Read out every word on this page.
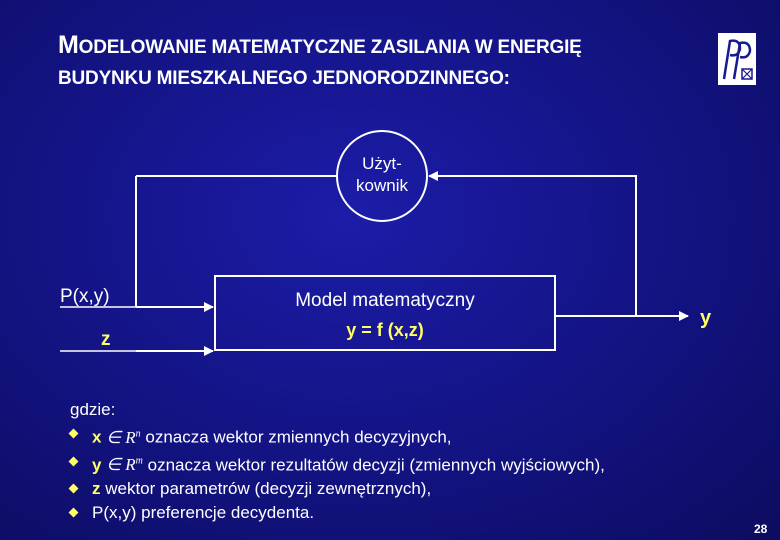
MODELOWANIE MATEMATYCZNE ZASILANIA W ENERGIĘ
BUDYNKU MIESZKALNEGO JEDNORODZINNEGO:
Użyt-
kownik
Model matematyczny
y = f (x,z)
P(x,y)
z
y
gdzie:
x ∈ $R^n$ oznacza wektor zmiennych decyzyjnych,
y ∈ $R^m$ oznacza wektor rezultatów decyzji (zmiennych wyjściowych),
z wektor parametrów (decyzji zewnętrznych),
P(x,y) preferencje decydenta.
28
